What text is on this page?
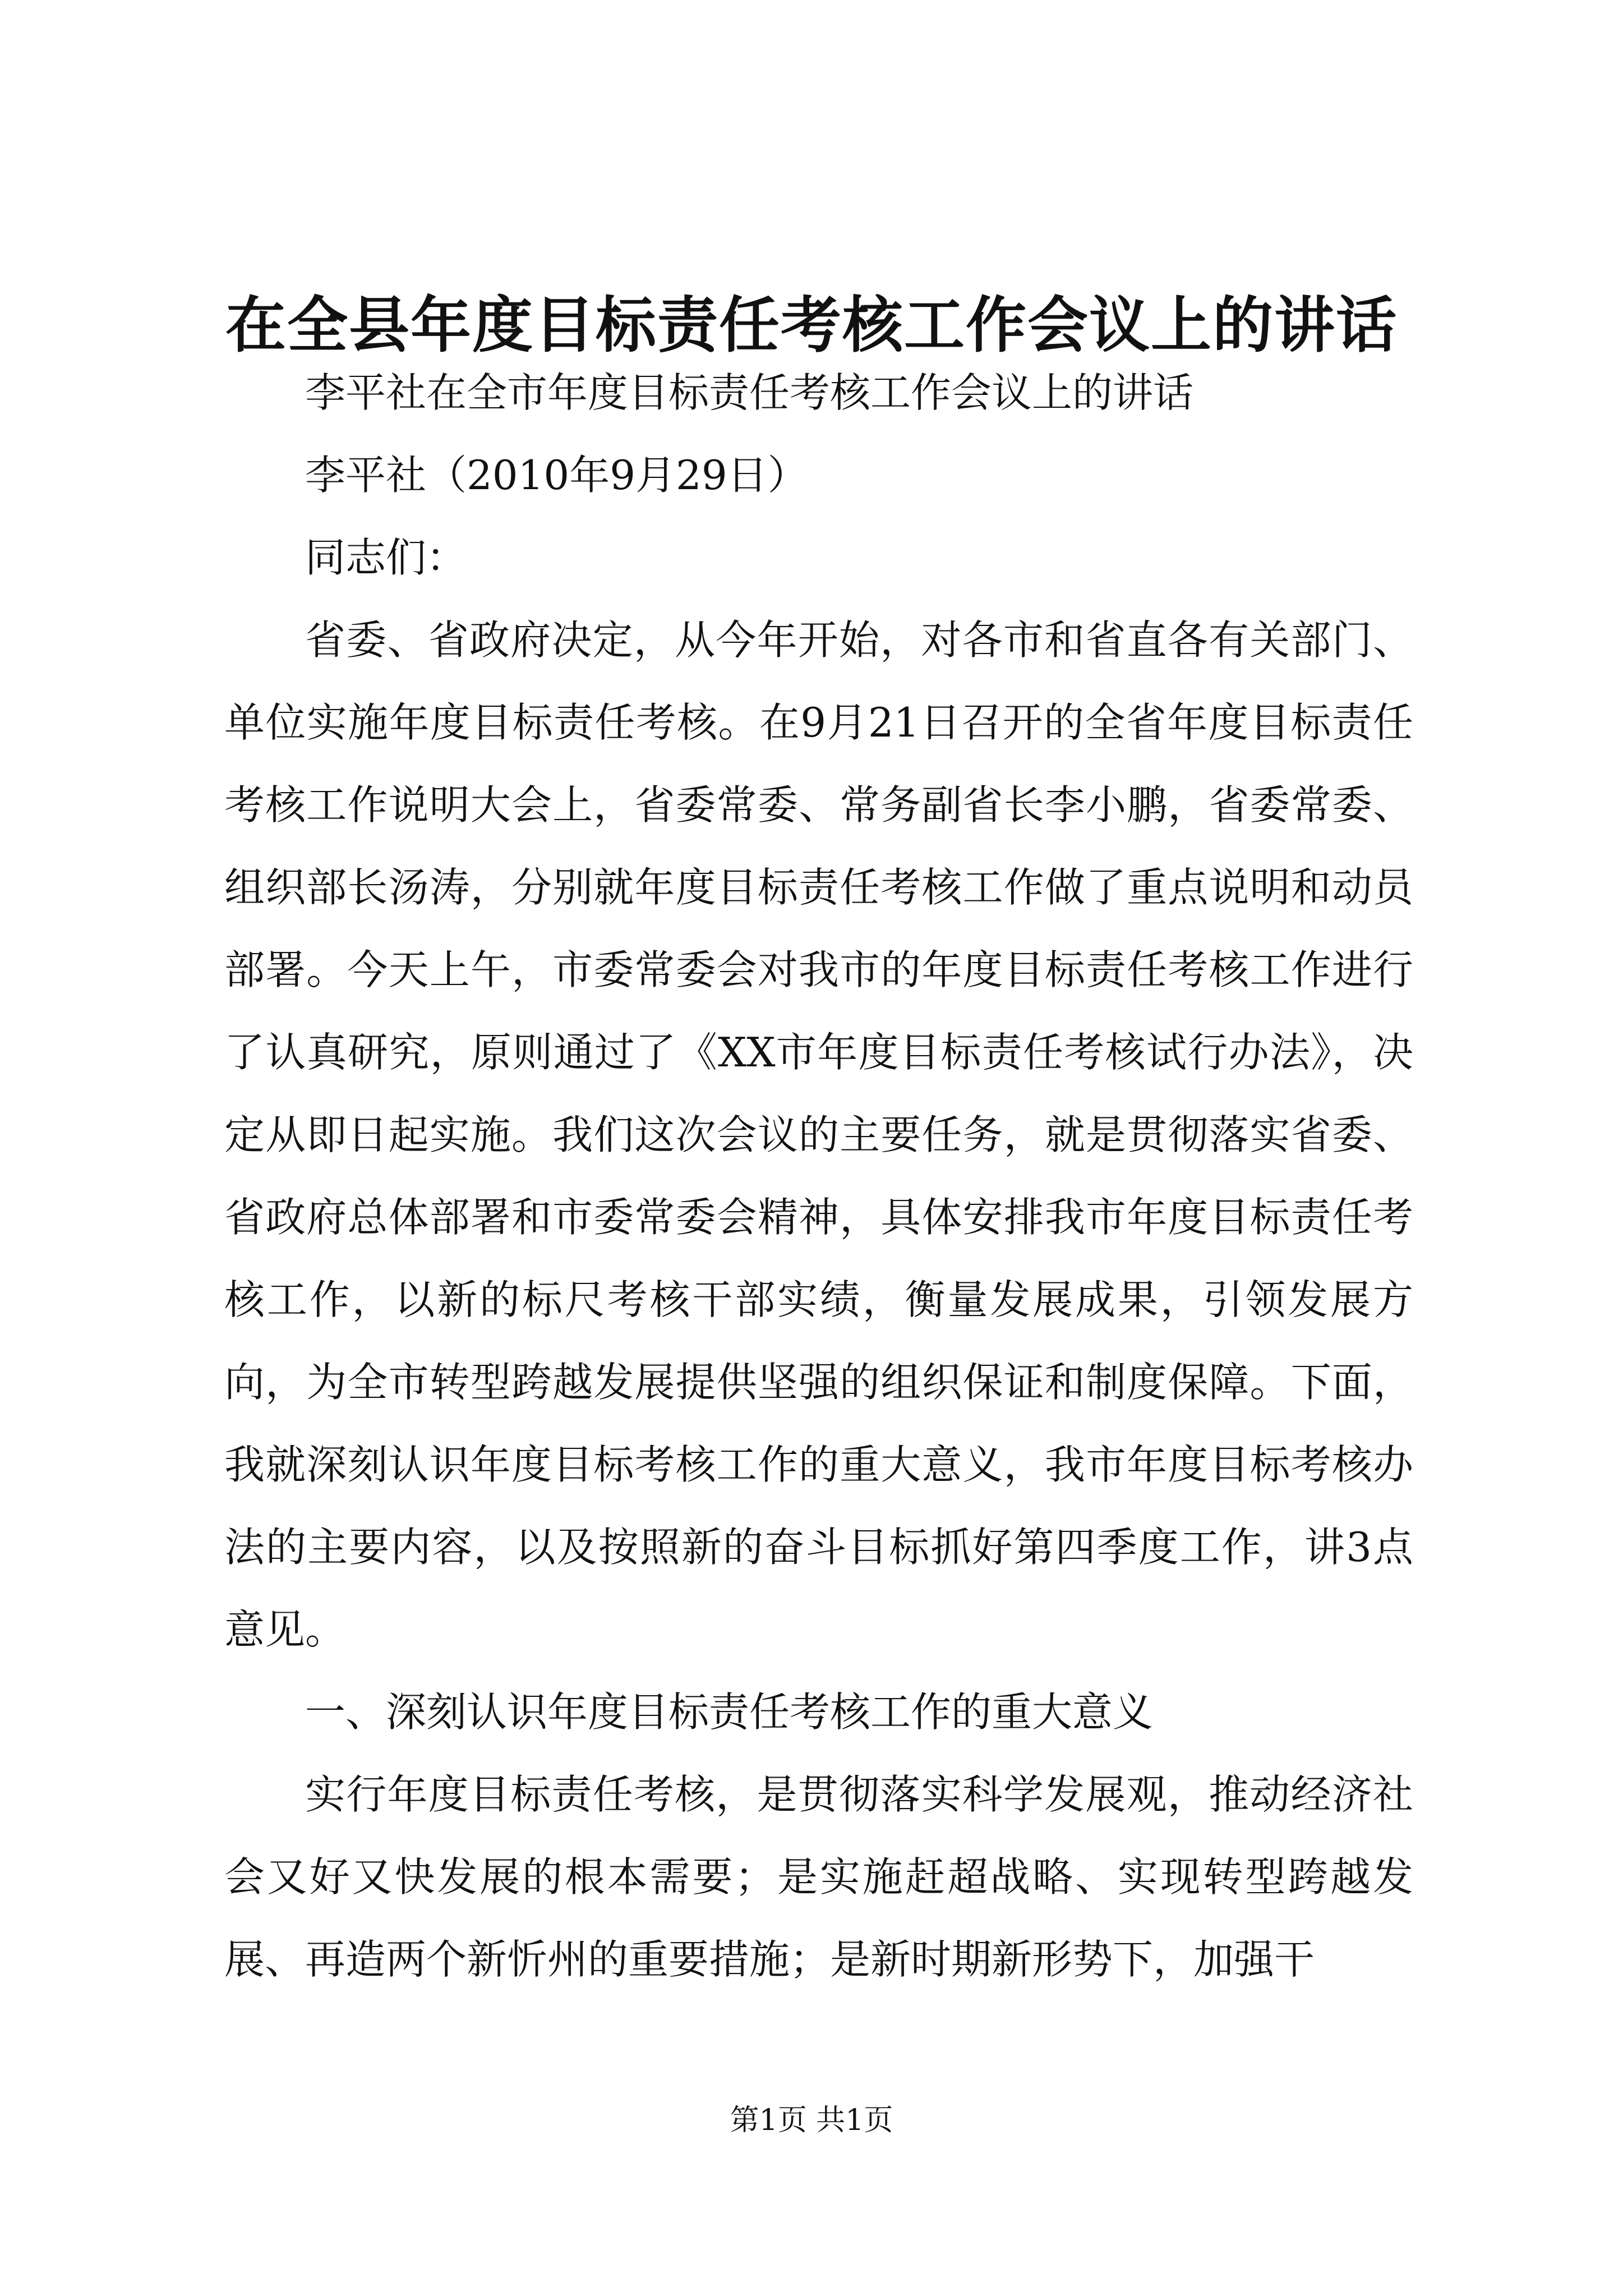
在全县年度目标责任考核工作会议上的讲话

李平社在全市年度目标责任考核工作会议上的讲话

李平社（2010年9月29日）

同志们：

省委、省政府决定，从今年开始，对各市和省直各有关部门、单位实施年度目标责任考核。在9月21日召开的全省年度目标责任考核工作说明大会上，省委常委、常务副省长李小鹏，省委常委、组织部长汤涛，分别就年度目标责任考核工作做了重点说明和动员部署。今天上午，市委常委会对我市的年度目标责任考核工作进行了认真研究，原则通过了《XX市年度目标责任考核试行办法》，决定从即日起实施。我们这次会议的主要任务，就是贯彻落实省委、省政府总体部署和市委常委会精神，具体安排我市年度目标责任考核工作，以新的标尺考核干部实绩，衡量发展成果，引领发展方向，为全市转型跨越发展提供坚强的组织保证和制度保障。下面，我就深刻认识年度目标考核工作的重大意义，我市年度目标考核办法的主要内容，以及按照新的奋斗目标抓好第四季度工作，讲3点意见。

一、深刻认识年度目标责任考核工作的重大意义

实行年度目标责任考核，是贯彻落实科学发展观，推动经济社会又好又快发展的根本需要；是实施赶超战略、实现转型跨越发展、再造两个新忻州的重要措施；是新时期新形势下，加强干

第1页 共1页
